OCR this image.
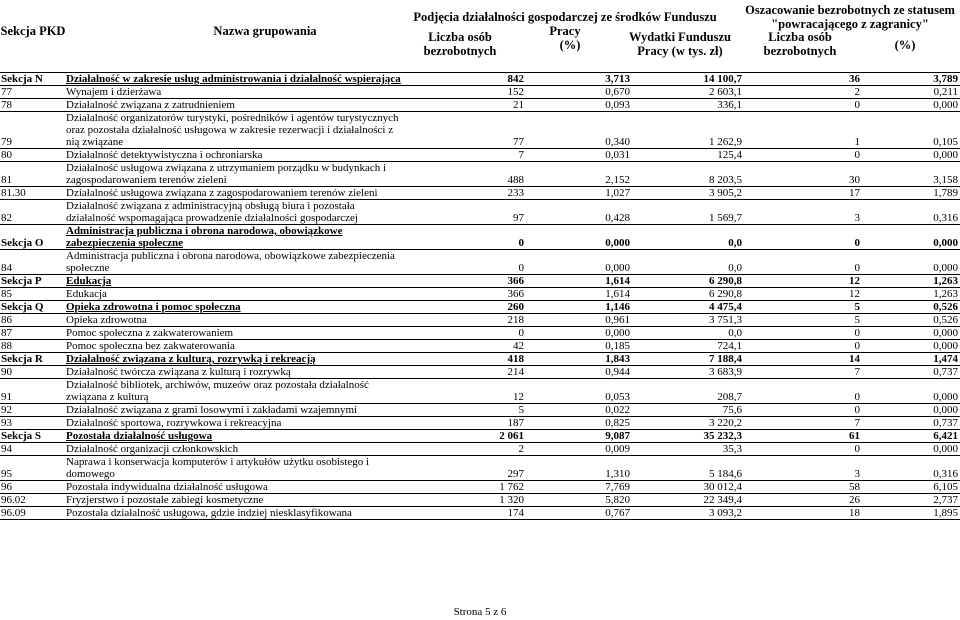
Sekcja PKD	Nazwa grupowania
Podjęcia działalności gospodarczej ze środków Funduszu Pracy
Liczba osób
bezrobotnych	(%)
Wydatki Funduszu
Pracy (w tys. zł)
Oszacowanie bezrobotnych ze statusem
"powracającego z zagranicy"
Liczba osób
bezrobotnych	(%)
Sekcja N	Działalność w zakresie usług administrowania i działalność wspierająca	842	3,713	14 100,7	36	3,789
77	Wynajem i dzierżawa	152	0,670	2 603,1	2	0,211
78	Działalność związana z zatrudnieniem	21	0,093	336,1	0	0,000
79	Działalność organizatorów turystyki, pośredników i agentów turystycznych
oraz pozostała działalność usługowa w zakresie rezerwacji i działalności z
nią związane	77	0,340	1 262,9	1	0,105
80	Działalność detektywistyczna i ochroniarska	7	0,031	125,4	0	0,000
81	Działalność usługowa związana z utrzymaniem porządku w budynkach i
zagospodarowaniem terenów zieleni	488	2,152	8 203,5	30	3,158
81.30	Działalność usługowa związana z zagospodarowaniem terenów zieleni	233	1,027	3 905,2	17	1,789
82	Działalność związana z administracyjną obsługą biura i pozostała
działalność wspomagająca prowadzenie działalności gospodarczej	97	0,428	1 569,7	3	0,316
Sekcja O	Administracja publiczna i obrona narodowa, obowiązkowe
zabezpieczenia społeczne	0	0,000	0,0	0	0,000
84	Administracja publiczna i obrona narodowa, obowiązkowe zabezpieczenia
społeczne	0	0,000	0,0	0	0,000
Sekcja P	Edukacja	366	1,614	6 290,8	12	1,263
85	Edukacja	366	1,614	6 290,8	12	1,263
Sekcja Q	Opieka zdrowotna i pomoc społeczna	260	1,146	4 475,4	5	0,526
86	Opieka zdrowotna	218	0,961	3 751,3	5	0,526
87	Pomoc społeczna z zakwaterowaniem	0	0,000	0,0	0	0,000
88	Pomoc społeczna bez zakwaterowania	42	0,185	724,1	0	0,000
Sekcja R	Działalność związana z kulturą, rozrywką i rekreacją	418	1,843	7 188,4	14	1,474
90	Działalność twórcza związana z kulturą i rozrywką	214	0,944	3 683,9	7	0,737
91	Działalność bibliotek, archiwów, muzeów oraz pozostała działalność
związana z kulturą	12	0,053	208,7	0	0,000
92	Działalność związana z grami losowymi i zakładami wzajemnymi	5	0,022	75,6	0	0,000
93	Działalność sportowa, rozrywkowa i rekreacyjna	187	0,825	3 220,2	7	0,737
Sekcja S	Pozostała działalność usługowa	2 061	9,087	35 232,3	61	6,421
94	Działalność organizacji członkowskich	2	0,009	35,3	0	0,000
95	Naprawa i konserwacja komputerów i artykułów użytku osobistego i
domowego	297	1,310	5 184,6	3	0,316
96	Pozostała indywidualna działalność usługowa	1 762	7,769	30 012,4	58	6,105
96.02	Fryzjerstwo i pozostałe zabiegi kosmetyczne	1 320	5,820	22 349,4	26	2,737
96.09	Pozostała działalność usługowa, gdzie indziej niesklasyfikowana	174	0,767	3 093,2	18	1,895
Strona 5 z 6
